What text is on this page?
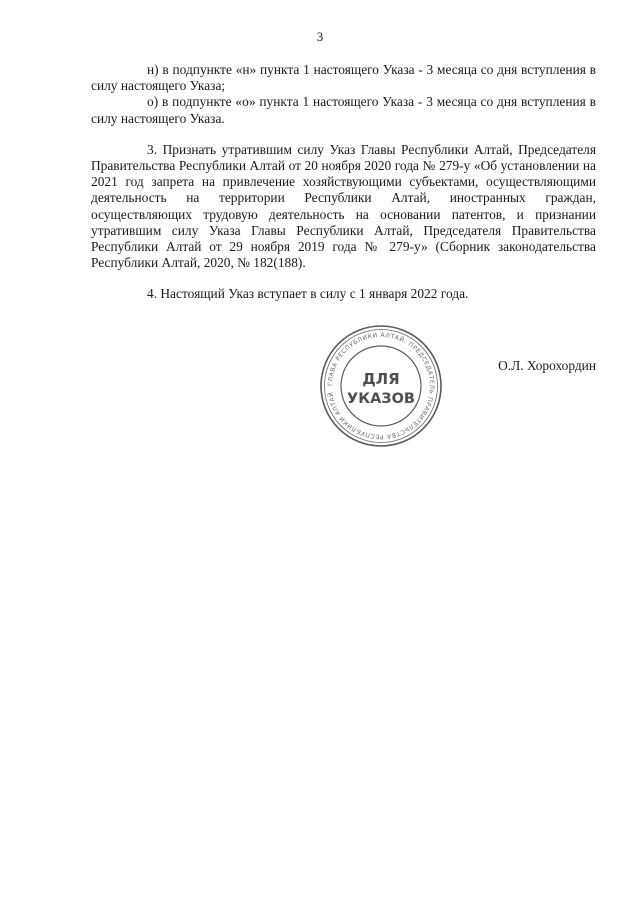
3

н) в подпункте «н» пункта 1 настоящего Указа - 3 месяца со дня вступления в силу настоящего Указа;

о) в подпункте «о» пункта 1 настоящего Указа - 3 месяца со дня вступления в силу настоящего Указа.

3. Признать утратившим силу Указ Главы Республики Алтай, Председателя Правительства Республики Алтай от 20 ноября 2020 года № 279-у «Об установлении на 2021 год запрета на привлечение хозяйствующими субъектами, осуществляющими деятельность на территории Республики Алтай, иностранных граждан, осуществляющих трудовую деятельность на основании патентов, и признании утратившим силу Указа Главы Республики Алтай, Председателя Правительства Республики Алтай от 29 ноября 2019 года № 279-у» (Сборник законодательства Республики Алтай, 2020, № 182(188).

4. Настоящий Указ вступает в силу с 1 января 2022 года.

ГЛАВА РЕСПУБЛИКИ АЛТАЙ, ПРЕДСЕДАТЕЛЬ ПРАВИТЕЛЬСТВА РЕСПУБЛИКИ АЛТАЙ
ДЛЯ
УКАЗОВ
О.Л. Хорохордин
